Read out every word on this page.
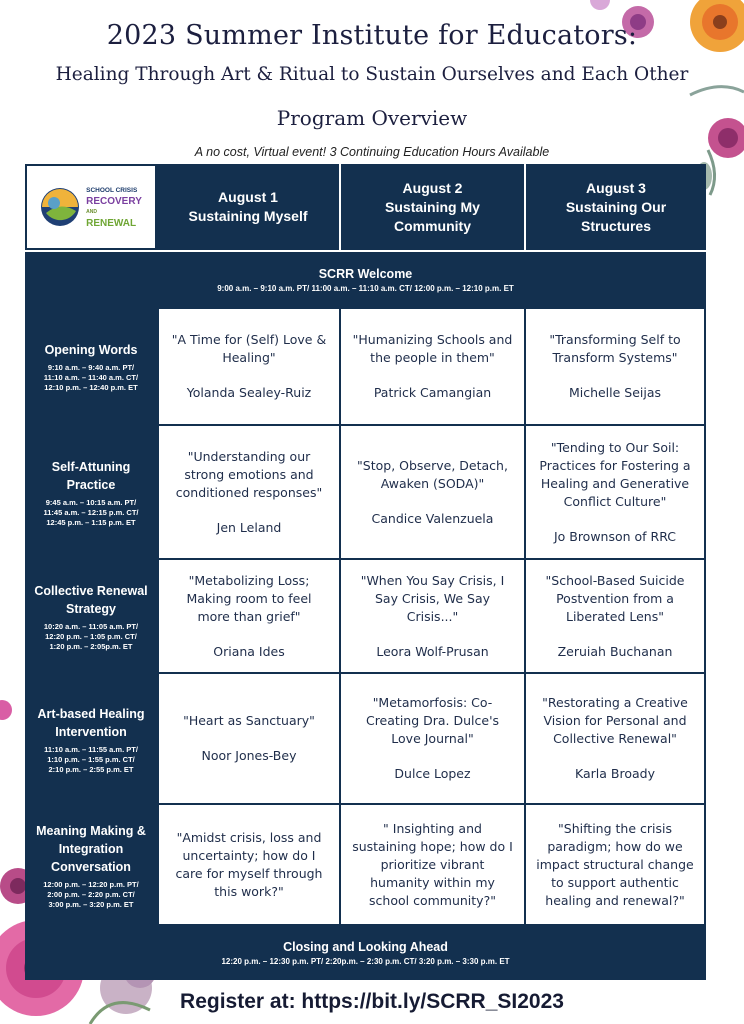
2023 Summer Institute for Educators:
Healing Through Art & Ritual to Sustain Ourselves and Each Other
Program Overview
A no cost, Virtual event! 3 Continuing Education Hours Available
SCHOOL CRISIS
RECOVERY
AND
RENEWAL
August 1
Sustaining Myself
August 2
Sustaining My Community
August 3
Sustaining Our Structures
SCRR Welcome
9:00 a.m. – 9:10 a.m. PT/ 11:00 a.m. – 11:10 a.m. CT/ 12:00 p.m. – 12:10 p.m. ET
Opening Words
9:10 a.m. – 9:40 a.m. PT/
11:10 a.m. – 11:40 a.m. CT/
12:10 p.m. – 12:40 p.m. ET
"A Time for (Self) Love & Healing"
Yolanda Sealey-Ruiz
"Humanizing Schools and the people in them"
Patrick Camangian
"Transforming Self to Transform Systems"
Michelle Seijas
Self-Attuning Practice
9:45 a.m. – 10:15 a.m. PT/
11:45 a.m. – 12:15 p.m. CT/
12:45 p.m. – 1:15 p.m. ET
"Understanding our strong emotions and conditioned responses"
Jen Leland
"Stop, Observe, Detach, Awaken (SODA)"
Candice Valenzuela
"Tending to Our Soil: Practices for Fostering a Healing and Generative Conflict Culture"
Jo Brownson of RRC
Collective Renewal Strategy
10:20 a.m. – 11:05 a.m. PT/
12:20 p.m. – 1:05 p.m. CT/
1:20 p.m. – 2:05p.m. ET
"Metabolizing Loss; Making room to feel more than grief"
Oriana Ides
"When You Say Crisis, I Say Crisis, We Say Crisis..."
Leora Wolf-Prusan
"School-Based Suicide Postvention from a Liberated Lens"
Zeruiah Buchanan
Art-based Healing Intervention
11:10 a.m. – 11:55 a.m. PT/
1:10 p.m. – 1:55 p.m. CT/
2:10 p.m. – 2:55 p.m. ET
"Heart as Sanctuary"
Noor Jones-Bey
"Metamorfosis: Co-Creating Dra. Dulce's Love Journal"
Dulce Lopez
"Restorating a Creative Vision for Personal and Collective Renewal"
Karla Broady
Meaning Making & Integration Conversation
12:00 p.m. – 12:20 p.m. PT/
2:00 p.m. – 2:20 p.m. CT/
3:00 p.m. – 3:20 p.m. ET
"Amidst crisis, loss and uncertainty; how do I care for myself through this work?"
" Insighting and sustaining hope; how do I prioritize vibrant humanity within my school community?"
"Shifting the crisis paradigm; how do we impact structural change to support authentic healing and renewal?"
Closing and Looking Ahead
12:20 p.m. – 12:30 p.m. PT/ 2:20p.m. – 2:30 p.m. CT/ 3:20 p.m. – 3:30 p.m. ET
Register at: https://bit.ly/SCRR_SI2023
